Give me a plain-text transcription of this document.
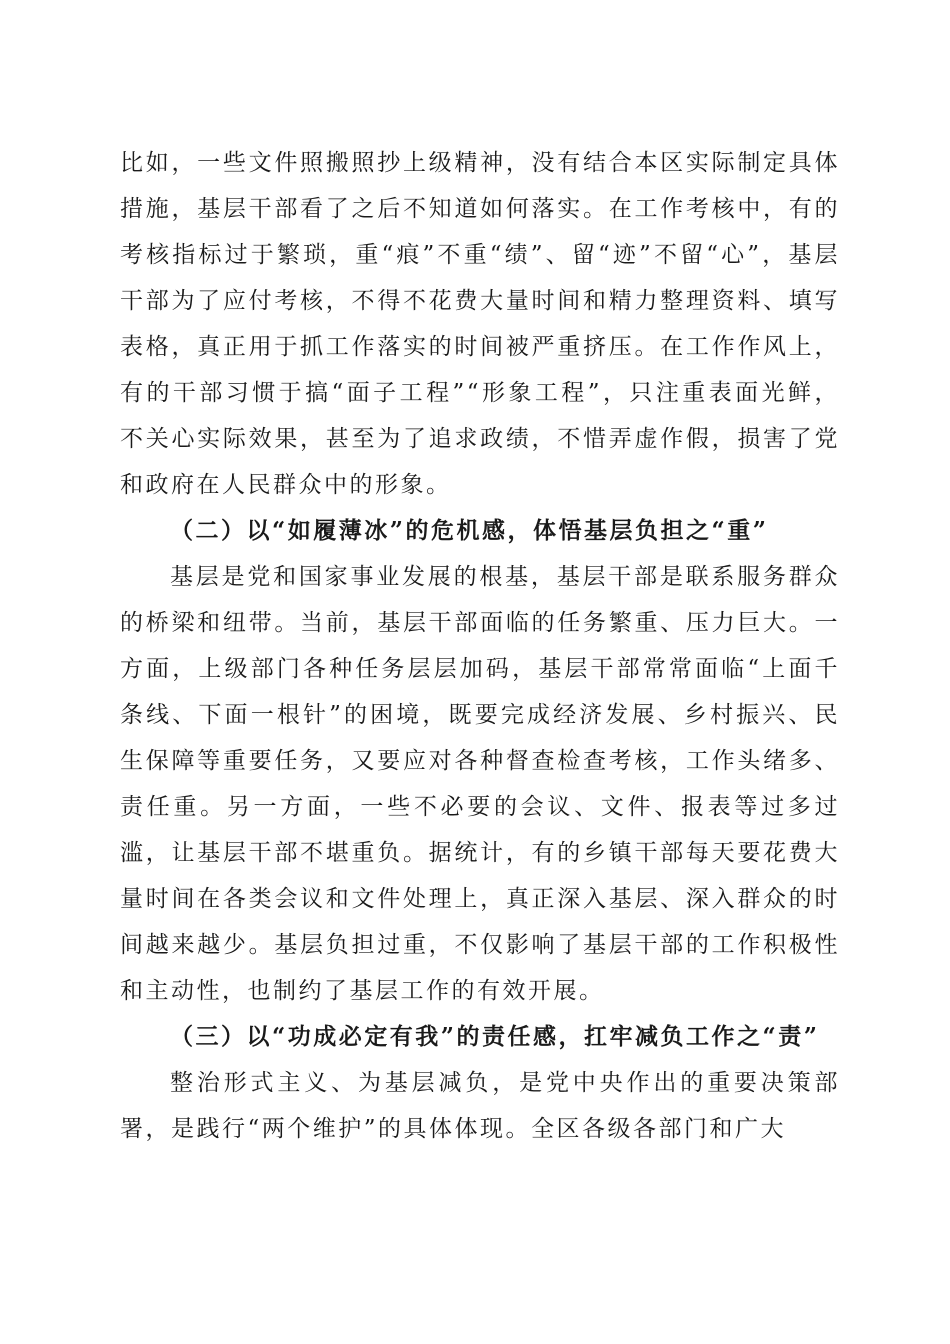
比如，一些文件照搬照抄上级精神，没有结合本区实际制定具体措施，基层干部看了之后不知道如何落实。在工作考核中，有的考核指标过于繁琐，重“痕”不重“绩”、留“迹”不留“心”，基层干部为了应付考核，不得不花费大量时间和精力整理资料、填写表格，真正用于抓工作落实的时间被严重挤压。在工作作风上，有的干部习惯于搞“面子工程”“形象工程”，只注重表面光鲜，不关心实际效果，甚至为了追求政绩，不惜弄虚作假，损害了党和政府在人民群众中的形象。

（二）以“如履薄冰”的危机感，体悟基层负担之“重”

基层是党和国家事业发展的根基，基层干部是联系服务群众的桥梁和纽带。当前，基层干部面临的任务繁重、压力巨大。一方面，上级部门各种任务层层加码，基层干部常常面临“上面千条线、下面一根针”的困境，既要完成经济发展、乡村振兴、民生保障等重要任务，又要应对各种督查检查考核，工作头绪多、责任重。另一方面，一些不必要的会议、文件、报表等过多过滥，让基层干部不堪重负。据统计，有的乡镇干部每天要花费大量时间在各类会议和文件处理上，真正深入基层、深入群众的时间越来越少。基层负担过重，不仅影响了基层干部的工作积极性和主动性，也制约了基层工作的有效开展。

（三）以“功成必定有我”的责任感，扛牢减负工作之“责”

整治形式主义、为基层减负，是党中央作出的重要决策部署，是践行“两个维护”的具体体现。全区各级各部门和广大
